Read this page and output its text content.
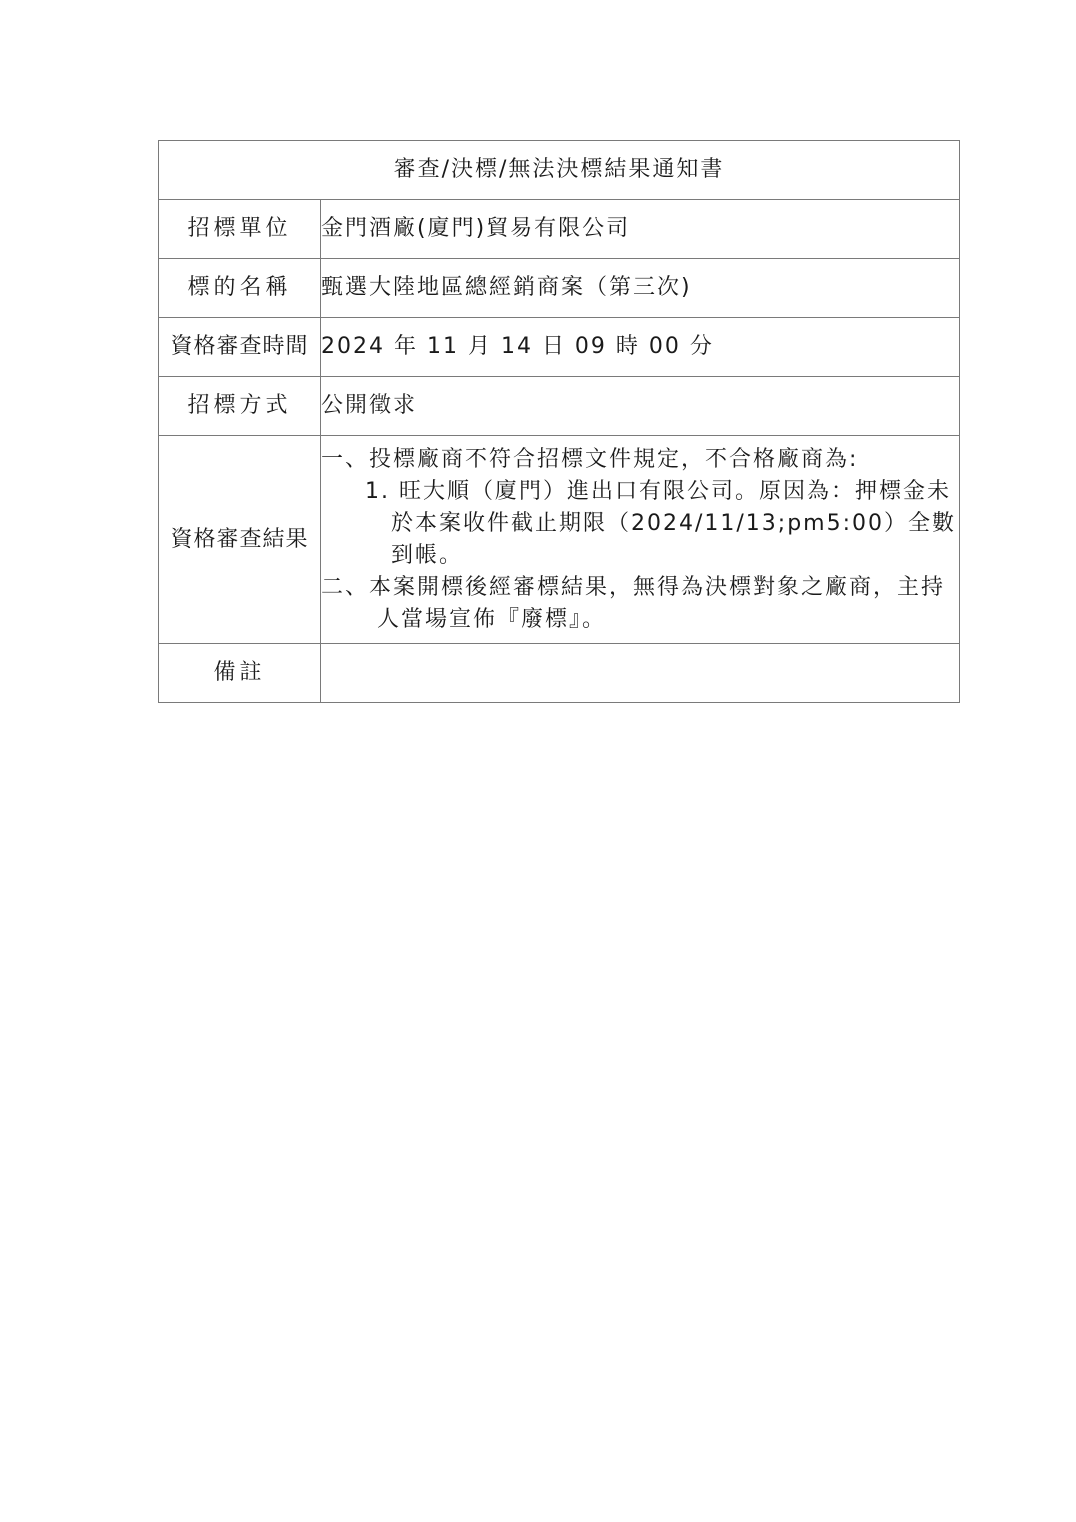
審查/決標/無法決標結果通知書	
招標單位	金門酒廠(廈門)貿易有限公司
標的名稱	甄選大陸地區總經銷商案（第三次)
資格審查時間	2024 年 11 月 14 日 09 時 00 分
招標方式	公開徵求
資格審查結果	一、投標廠商不符合招標文件規定，不合格廠商為:
1. 旺大順（廈門）進出口有限公司。原因為：押標金未於本案收件截止期限（2024/11/13;pm5:00）全數到帳。
二、本案開標後經審標結果，無得為決標對象之廠商，主持人當場宣佈『廢標』。

備註	
